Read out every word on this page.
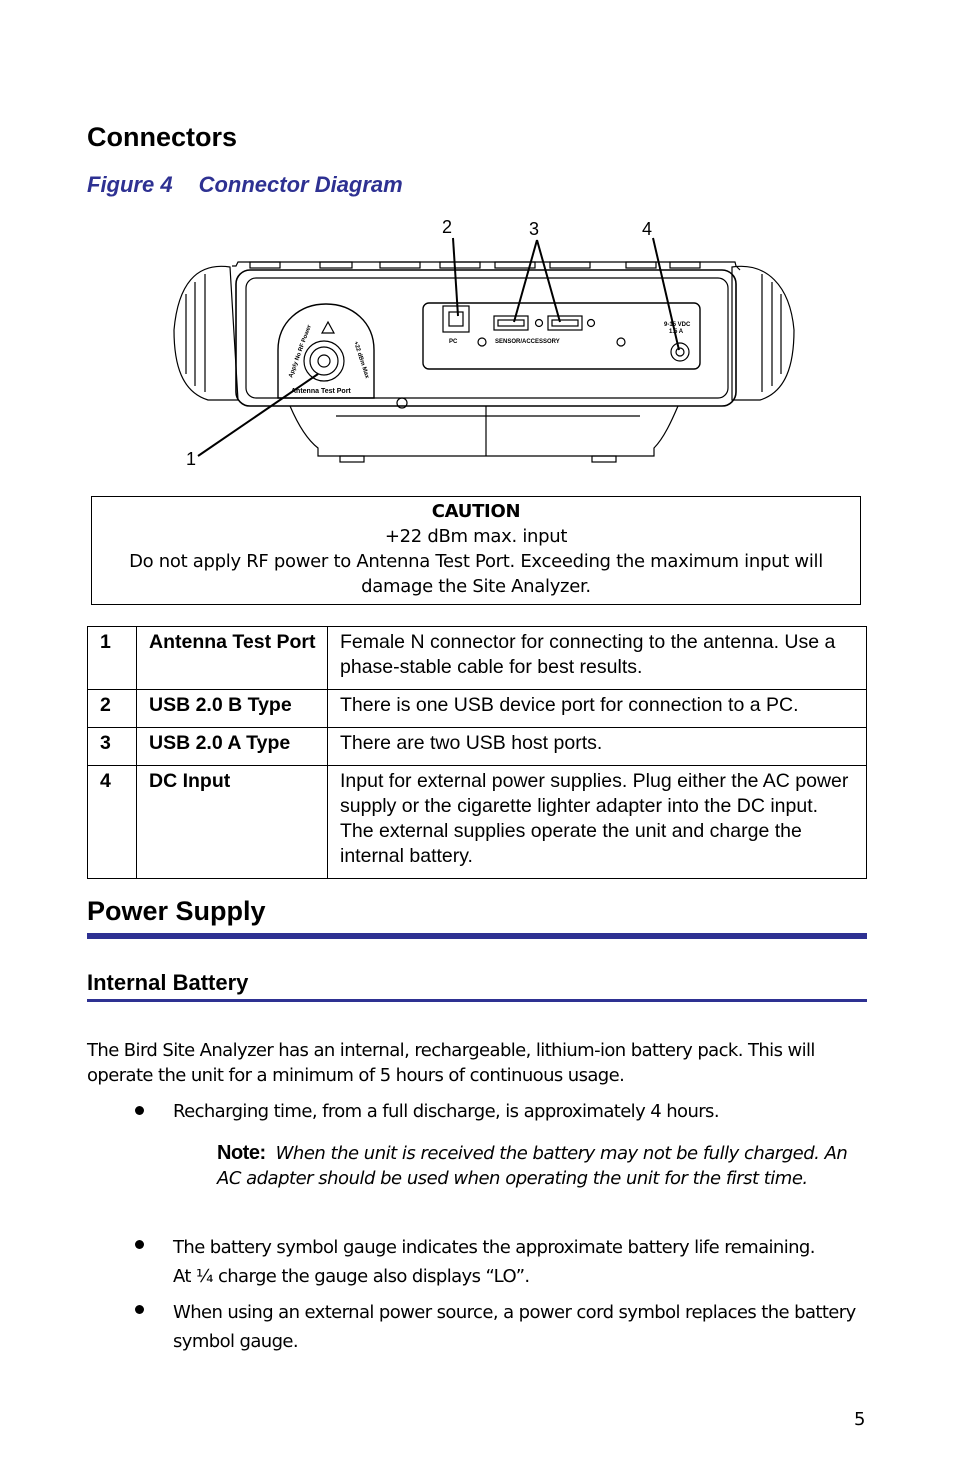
Connectors
Figure 4 Connector Diagram
PC	SENSOR/ACCESSORY
9-15 VDC
1.5 A
Antenna Test Port
Apply No RF Power	+22 dBm Max
1
2	3	4
CAUTION
+22 dBm max. input
Do not apply RF power to Antenna Test Port. Exceeding the maximum input will damage the Site Analyzer.
1	Antenna Test Port	Female N connector for connecting to the antenna. Use a phase-stable cable for best results.
2	USB 2.0 B Type	There is one USB device port for connection to a PC.
3	USB 2.0 A Type	There are two USB host ports.
4	DC Input	Input for external power supplies. Plug either the AC power supply or the cigarette lighter adapter into the DC input. The external supplies operate the unit and charge the internal battery.
Power Supply
Internal Battery
The Bird Site Analyzer has an internal, rechargeable, lithium-ion battery pack. This will operate the unit for a minimum of 5 hours of continuous usage.
Recharging time, from a full discharge, is approximately 4 hours.
Note: When the unit is received the battery may not be fully charged. An AC adapter should be used when operating the unit for the first time.
The battery symbol gauge indicates the approximate battery life remaining. At ¼ charge the gauge also displays “LO”.
When using an external power source, a power cord symbol replaces the battery symbol gauge.
5
